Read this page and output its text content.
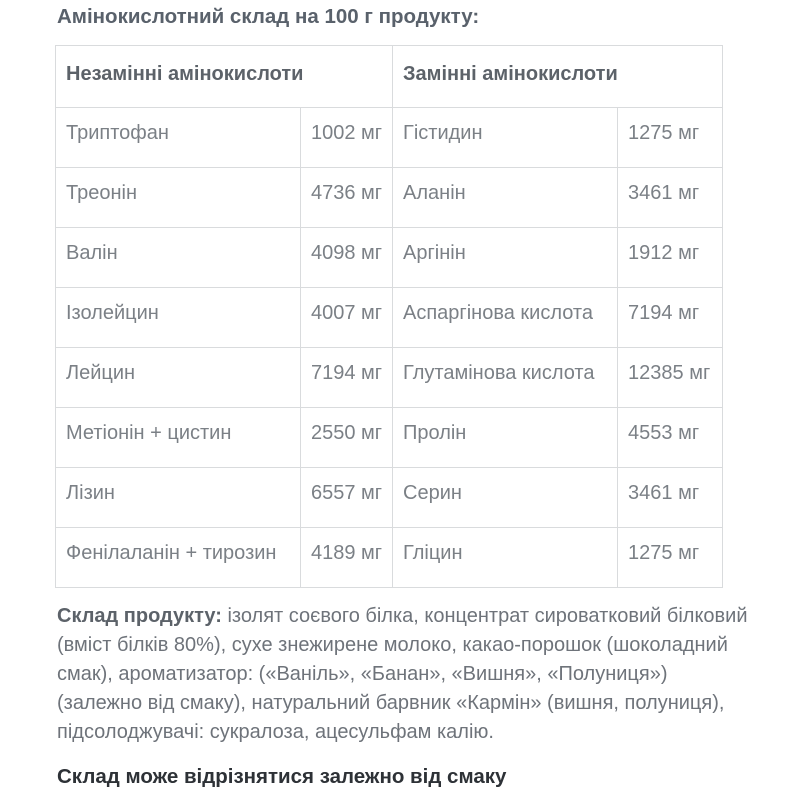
Амінокислотний склад на 100 г продукту:
Незамінні амінокислоти		Замінні амінокислоти	
Триптофан	1002 мг	Гістидин	1275 мг
Треонін	4736 мг	Аланін	3461 мг
Валін	4098 мг	Аргінін	1912 мг
Ізолейцин	4007 мг	Аспаргінова кислота	7194 мг
Лейцин	7194 мг	Глутамінова кислота	12385 мг
Метіонін + цистин	2550 мг	Пролін	4553 мг
Лізин	6557 мг	Серин	3461 мг
Фенілаланін + тирозин	4189 мг	Гліцин	1275 мг

Склад продукту: ізолят соєвого білка, концентрат сироватковий білковий (вміст білків 80%), сухе знежирене молоко, какао-порошок (шоколадний смак), ароматизатор: («Ваніль», «Банан», «Вишня», «Полуниця») (залежно від смаку), натуральний барвник «Кармін» (вишня, полуниця), підсолоджувачі: сукралоза, ацесульфам калію.

Склад може відрізнятися залежно від смаку
